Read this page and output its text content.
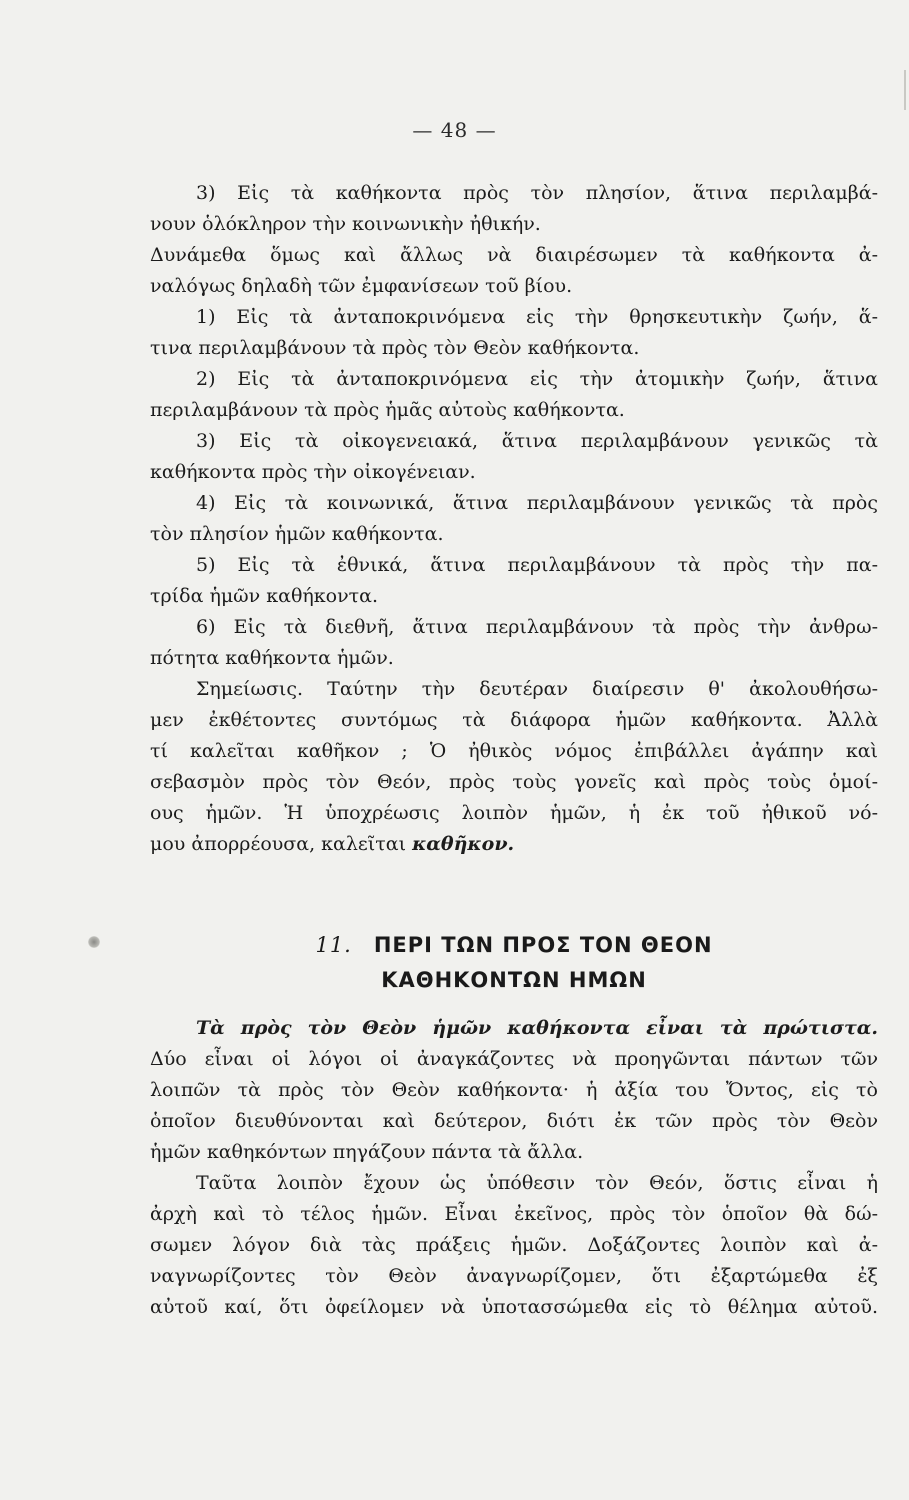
— 48 —
3) Εἰς τὰ καθήκοντα πρὸς τὸν πλησίον, ἅτινα περιλαμβά-
νουν ὁλόκληρον τὴν κοινωνικὴν ἠθικήν.
Δυνάμεθα ὅμως καὶ ἄλλως νὰ διαιρέσωμεν τὰ καθήκοντα ἀ-
ναλόγως δηλαδὴ τῶν ἐμφανίσεων τοῦ βίου.
1) Εἰς τὰ ἀνταποκρινόμενα εἰς τὴν θρησκευτικὴν ζωήν, ἅ-
τινα περιλαμβάνουν τὰ πρὸς τὸν Θεὸν καθήκοντα.
2) Εἰς τὰ ἀνταποκρινόμενα εἰς τὴν ἀτομικὴν ζωήν, ἅτινα
περιλαμβάνουν τὰ πρὸς ἡμᾶς αὐτοὺς καθήκοντα.
3) Εἰς τὰ οἰκογενειακά, ἅτινα περιλαμβάνουν γενικῶς τὰ
καθήκοντα πρὸς τὴν οἰκογένειαν.
4) Εἰς τὰ κοινωνικά, ἅτινα περιλαμβάνουν γενικῶς τὰ πρὸς
τὸν πλησίον ἡμῶν καθήκοντα.
5) Εἰς τὰ ἐθνικά, ἅτινα περιλαμβάνουν τὰ πρὸς τὴν πα-
τρίδα ἡμῶν καθήκοντα.
6) Εἰς τὰ διεθνῆ, ἅτινα περιλαμβάνουν τὰ πρὸς τὴν ἀνθρω-
πότητα καθήκοντα ἡμῶν.
Σημείωσις. Ταύτην τὴν δευτέραν διαίρεσιν θ' ἀκολουθήσω-
μεν ἐκθέτοντες συντόμως τὰ διάφορα ἡμῶν καθήκοντα. Ἀλλὰ
τί καλεῖται καθῆκον ; Ὁ ἠθικὸς νόμος ἐπιβάλλει ἀγάπην καὶ
σεβασμὸν πρὸς τὸν Θεόν, πρὸς τοὺς γονεῖς καὶ πρὸς τοὺς ὁμοί-
ους ἡμῶν. Ἡ ὑποχρέωσις λοιπὸν ἡμῶν, ἡ ἐκ τοῦ ἠθικοῦ νό-
μου ἀπορρέουσα, καλεῖται καθῆκον.
11. ΠΕΡΙ ΤΩΝ ΠΡΟΣ ΤΟΝ ΘΕΟΝ
ΚΑΘΗΚΟΝΤΩΝ ΗΜΩΝ
Τὰ πρὸς τὸν Θεὸν ἡμῶν καθήκοντα εἶναι τὰ πρώτιστα.
Δύο εἶναι οἱ λόγοι οἱ ἀναγκάζοντες νὰ προηγῶνται πάντων τῶν
λοιπῶν τὰ πρὸς τὸν Θεὸν καθήκοντα· ἡ ἀξία του Ὄντος, εἰς τὸ
ὁποῖον διευθύνονται καὶ δεύτερον, διότι ἐκ τῶν πρὸς τὸν Θεὸν
ἡμῶν καθηκόντων πηγάζουν πάντα τὰ ἄλλα.
Ταῦτα λοιπὸν ἔχουν ὡς ὑπόθεσιν τὸν Θεόν, ὅστις εἶναι ἡ
ἀρχὴ καὶ τὸ τέλος ἡμῶν. Εἶναι ἐκεῖνος, πρὸς τὸν ὁποῖον θὰ δώ-
σωμεν λόγον διὰ τὰς πράξεις ἡμῶν. Δοξάζοντες λοιπὸν καὶ ἀ-
ναγνωρίζοντες τὸν Θεὸν ἀναγνωρίζομεν, ὅτι ἐξαρτώμεθα ἐξ
αὐτοῦ καί, ὅτι ὀφείλομεν νὰ ὑποτασσώμεθα εἰς τὸ θέλημα αὐτοῦ.
